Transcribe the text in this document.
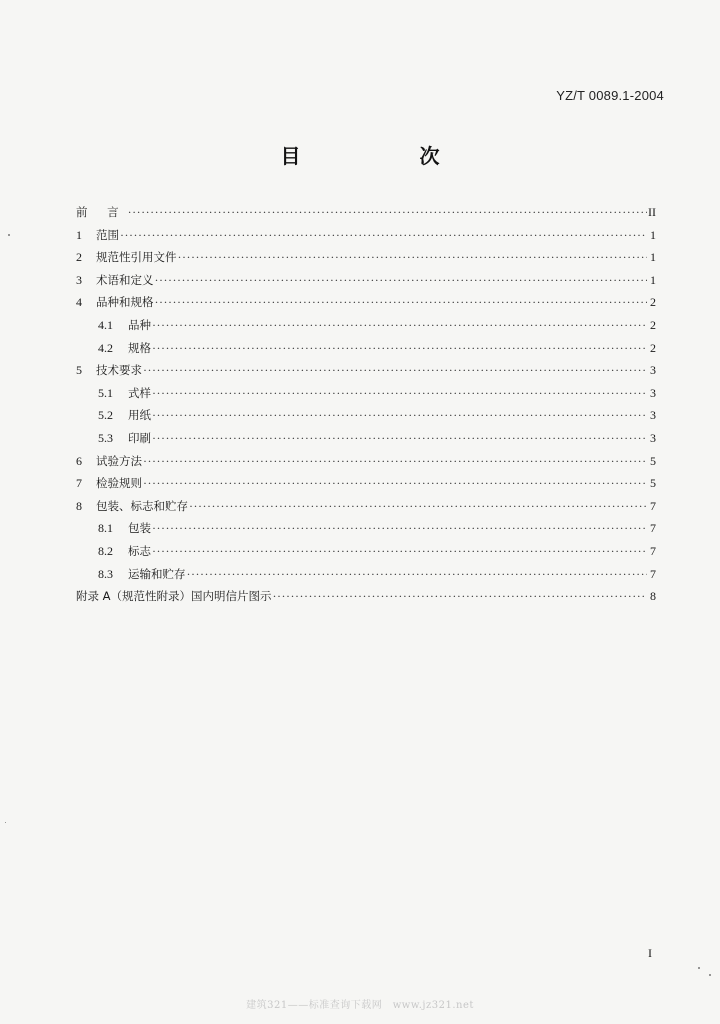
YZ/T 0089.1-2004
目 次
前 言 ·····	II
1	范围 ·····	1
2	规范性引用文件 ·····	1
3	术语和定义 ·····	1
4	品种和规格 ·····	2
4.1	品种 ·····	2
4.2	规格 ·····	2
5	技术要求 ·····	3
5.1	式样 ·····	3
5.2	用纸 ·····	3
5.3	印刷 ·····	3
6	试验方法 ·····	5
7	检验规则 ·····	5
8	包装、标志和贮存 ·····	7
8.1	包装 ·····	7
8.2	标志 ·····	7
8.3	运输和贮存 ·····	7
附录 A（规范性附录）国内明信片图示 ·····	8
I
建筑321——标准查询下载网　www.jz321.net
